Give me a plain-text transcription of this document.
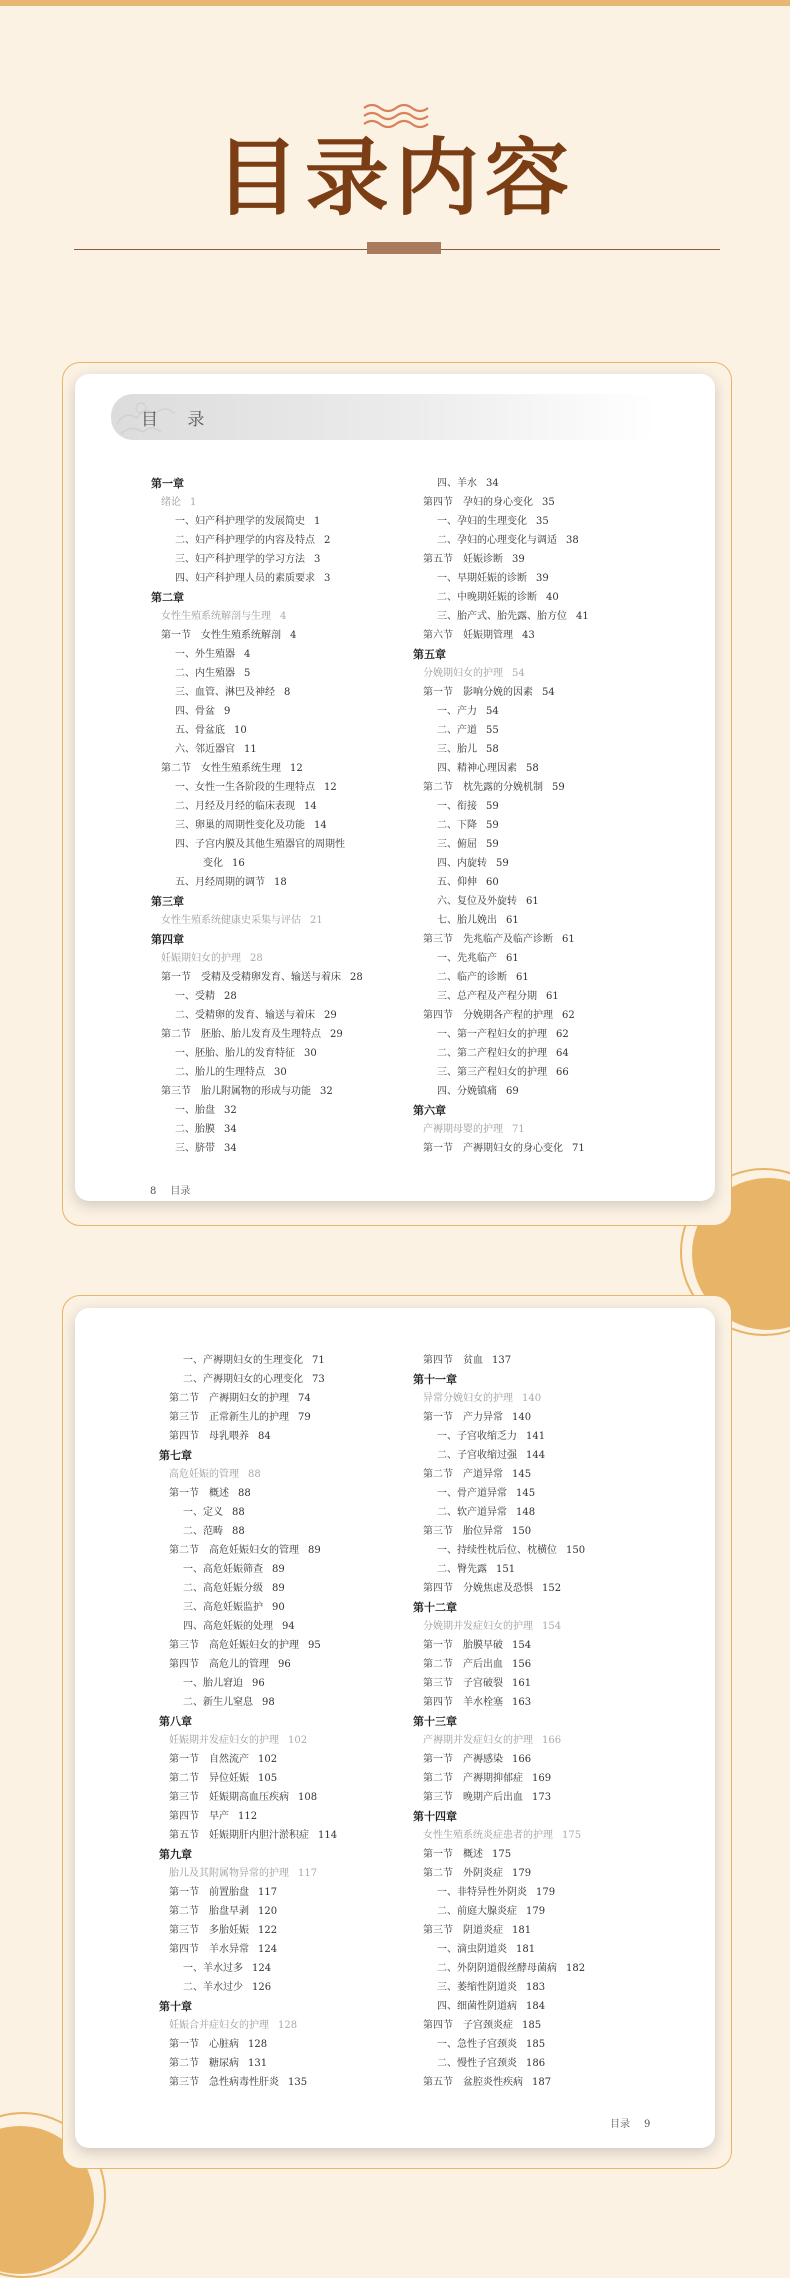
目录内容
目 录
第一章
绪论 1
一、妇产科护理学的发展简史 1
二、妇产科护理学的内容及特点 2
三、妇产科护理学的学习方法 3
四、妇产科护理人员的素质要求 3
第二章
女性生殖系统解剖与生理 4
第一节　女性生殖系统解剖 4
一、外生殖器 4
二、内生殖器 5
三、血管、淋巴及神经 8
四、骨盆 9
五、骨盆底 10
六、邻近器官 11
第二节　女性生殖系统生理 12
一、女性一生各阶段的生理特点 12
二、月经及月经的临床表现 14
三、卵巢的周期性变化及功能 14
四、子宫内膜及其他生殖器官的周期性
变化 16
五、月经周期的调节 18
第三章
女性生殖系统健康史采集与评估 21
第四章
妊娠期妇女的护理 28
第一节　受精及受精卵发育、输送与着床 28
一、受精 28
二、受精卵的发育、输送与着床 29
第二节　胚胎、胎儿发育及生理特点 29
一、胚胎、胎儿的发育特征 30
二、胎儿的生理特点 30
第三节　胎儿附属物的形成与功能 32
一、胎盘 32
二、胎膜 34
三、脐带 34
四、羊水 34
第四节　孕妇的身心变化 35
一、孕妇的生理变化 35
二、孕妇的心理变化与调适 38
第五节　妊娠诊断 39
一、早期妊娠的诊断 39
二、中晚期妊娠的诊断 40
三、胎产式、胎先露、胎方位 41
第六节　妊娠期管理 43
第五章
分娩期妇女的护理 54
第一节　影响分娩的因素 54
一、产力 54
二、产道 55
三、胎儿 58
四、精神心理因素 58
第二节　枕先露的分娩机制 59
一、衔接 59
二、下降 59
三、俯屈 59
四、内旋转 59
五、仰伸 60
六、复位及外旋转 61
七、胎儿娩出 61
第三节　先兆临产及临产诊断 61
一、先兆临产 61
二、临产的诊断 61
三、总产程及产程分期 61
第四节　分娩期各产程的护理 62
一、第一产程妇女的护理 62
二、第二产程妇女的护理 64
三、第三产程妇女的护理 66
四、分娩镇痛 69
第六章
产褥期母婴的护理 71
第一节　产褥期妇女的身心变化 71
8 目录
一、产褥期妇女的生理变化 71
二、产褥期妇女的心理变化 73
第二节　产褥期妇女的护理 74
第三节　正常新生儿的护理 79
第四节　母乳喂养 84
第七章
高危妊娠的管理 88
第一节　概述 88
一、定义 88
二、范畴 88
第二节　高危妊娠妇女的管理 89
一、高危妊娠筛查 89
二、高危妊娠分级 89
三、高危妊娠监护 90
四、高危妊娠的处理 94
第三节　高危妊娠妇女的护理 95
第四节　高危儿的管理 96
一、胎儿窘迫 96
二、新生儿窒息 98
第八章
妊娠期并发症妇女的护理 102
第一节　自然流产 102
第二节　异位妊娠 105
第三节　妊娠期高血压疾病 108
第四节　早产 112
第五节　妊娠期肝内胆汁淤积症 114
第九章
胎儿及其附属物异常的护理 117
第一节　前置胎盘 117
第二节　胎盘早剥 120
第三节　多胎妊娠 122
第四节　羊水异常 124
一、羊水过多 124
二、羊水过少 126
第十章
妊娠合并症妇女的护理 128
第一节　心脏病 128
第二节　糖尿病 131
第三节　急性病毒性肝炎 135
第四节　贫血 137
第十一章
异常分娩妇女的护理 140
第一节　产力异常 140
一、子宫收缩乏力 141
二、子宫收缩过强 144
第二节　产道异常 145
一、骨产道异常 145
二、软产道异常 148
第三节　胎位异常 150
一、持续性枕后位、枕横位 150
二、臀先露 151
第四节　分娩焦虑及恐惧 152
第十二章
分娩期并发症妇女的护理 154
第一节　胎膜早破 154
第二节　产后出血 156
第三节　子宫破裂 161
第四节　羊水栓塞 163
第十三章
产褥期并发症妇女的护理 166
第一节　产褥感染 166
第二节　产褥期抑郁症 169
第三节　晚期产后出血 173
第十四章
女性生殖系统炎症患者的护理 175
第一节　概述 175
第二节　外阴炎症 179
一、非特异性外阴炎 179
二、前庭大腺炎症 179
第三节　阴道炎症 181
一、滴虫阴道炎 181
二、外阴阴道假丝酵母菌病 182
三、萎缩性阴道炎 183
四、细菌性阴道病 184
第四节　子宫颈炎症 185
一、急性子宫颈炎 185
二、慢性子宫颈炎 186
第五节　盆腔炎性疾病 187
目录 9
